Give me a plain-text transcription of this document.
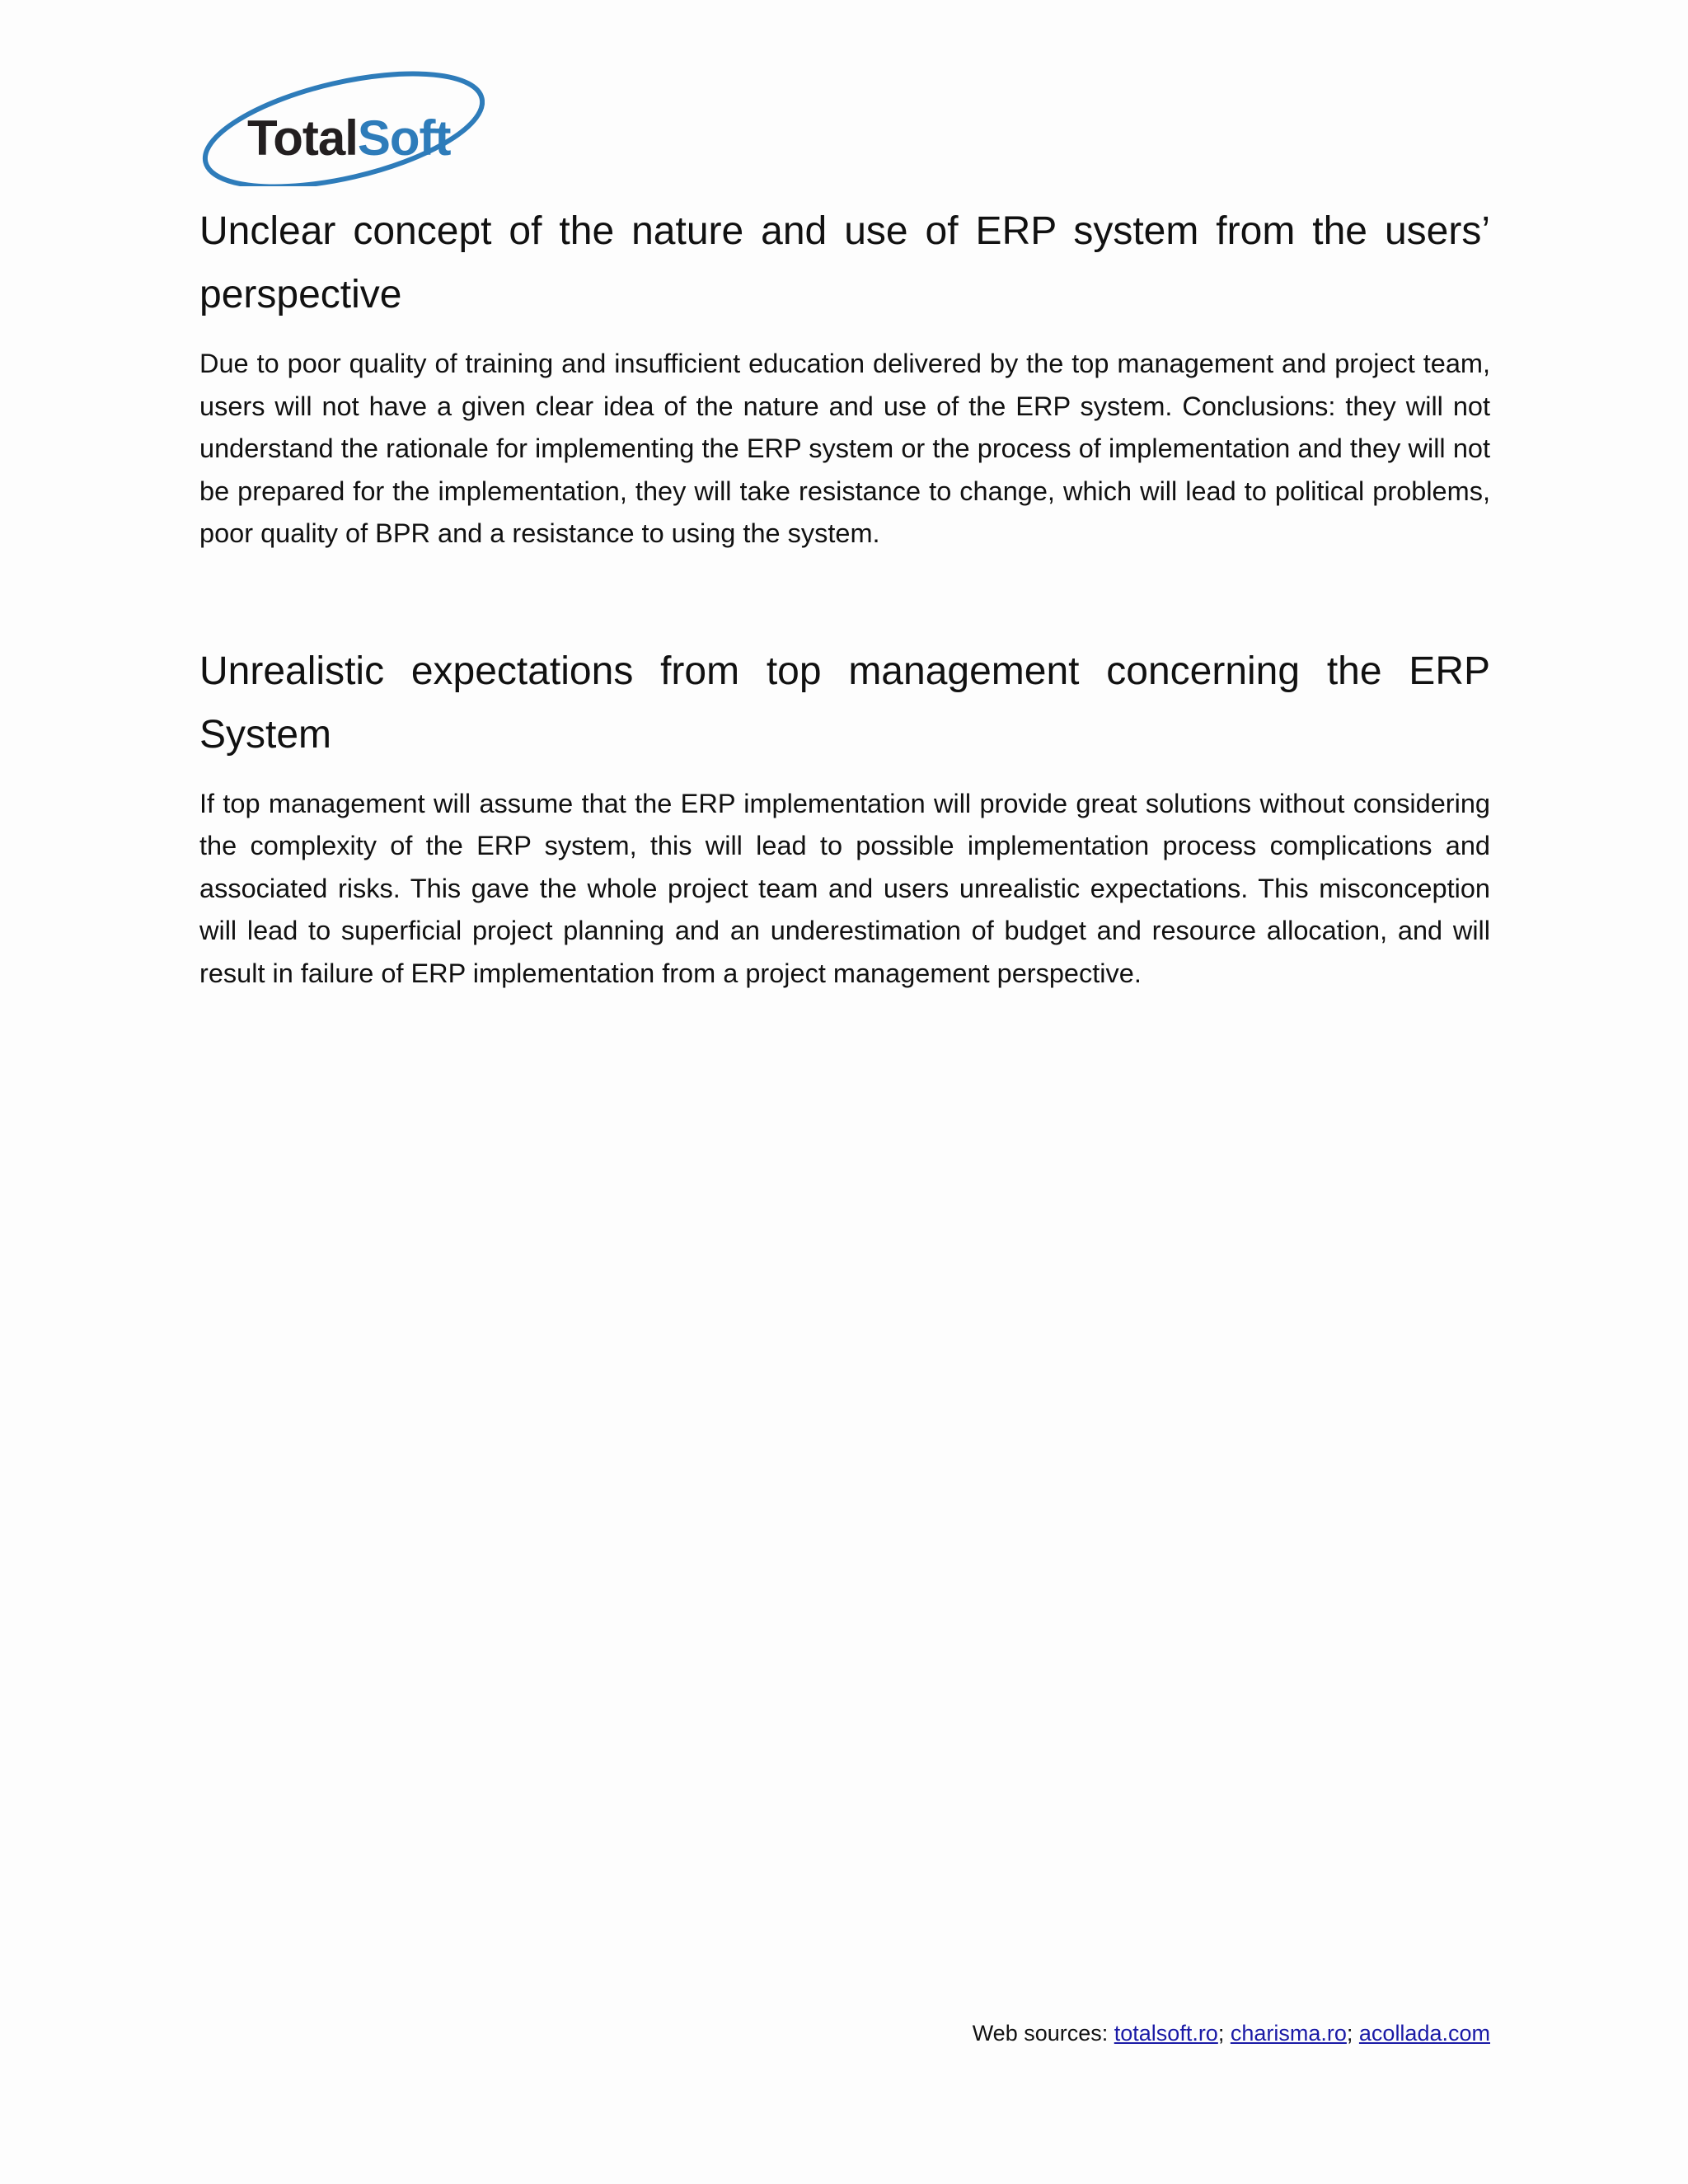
TotalSoft
Unclear concept of the nature and use of ERP system from the users’ perspective

Due to poor quality of training and insufficient education delivered by the top management and project team, users will not have a given clear idea of the nature and use of the ERP system. Conclusions: they will not understand the rationale for implementing the ERP system or the process of implementation and they will not be prepared for the implementation, they will take resistance to change, which will lead to political problems, poor quality of BPR and a resistance to using the system.

Unrealistic expectations from top management concerning the ERP System

If top management will assume that the ERP implementation will provide great solutions without considering the complexity of the ERP system, this will lead to possible implementation process complications and associated risks. This gave the whole project team and users unrealistic expectations. This misconception will lead to superficial project planning and an underestimation of budget and resource allocation, and will result in failure of ERP implementation from a project management perspective.

Web sources: totalsoft.ro; charisma.ro; acollada.com
